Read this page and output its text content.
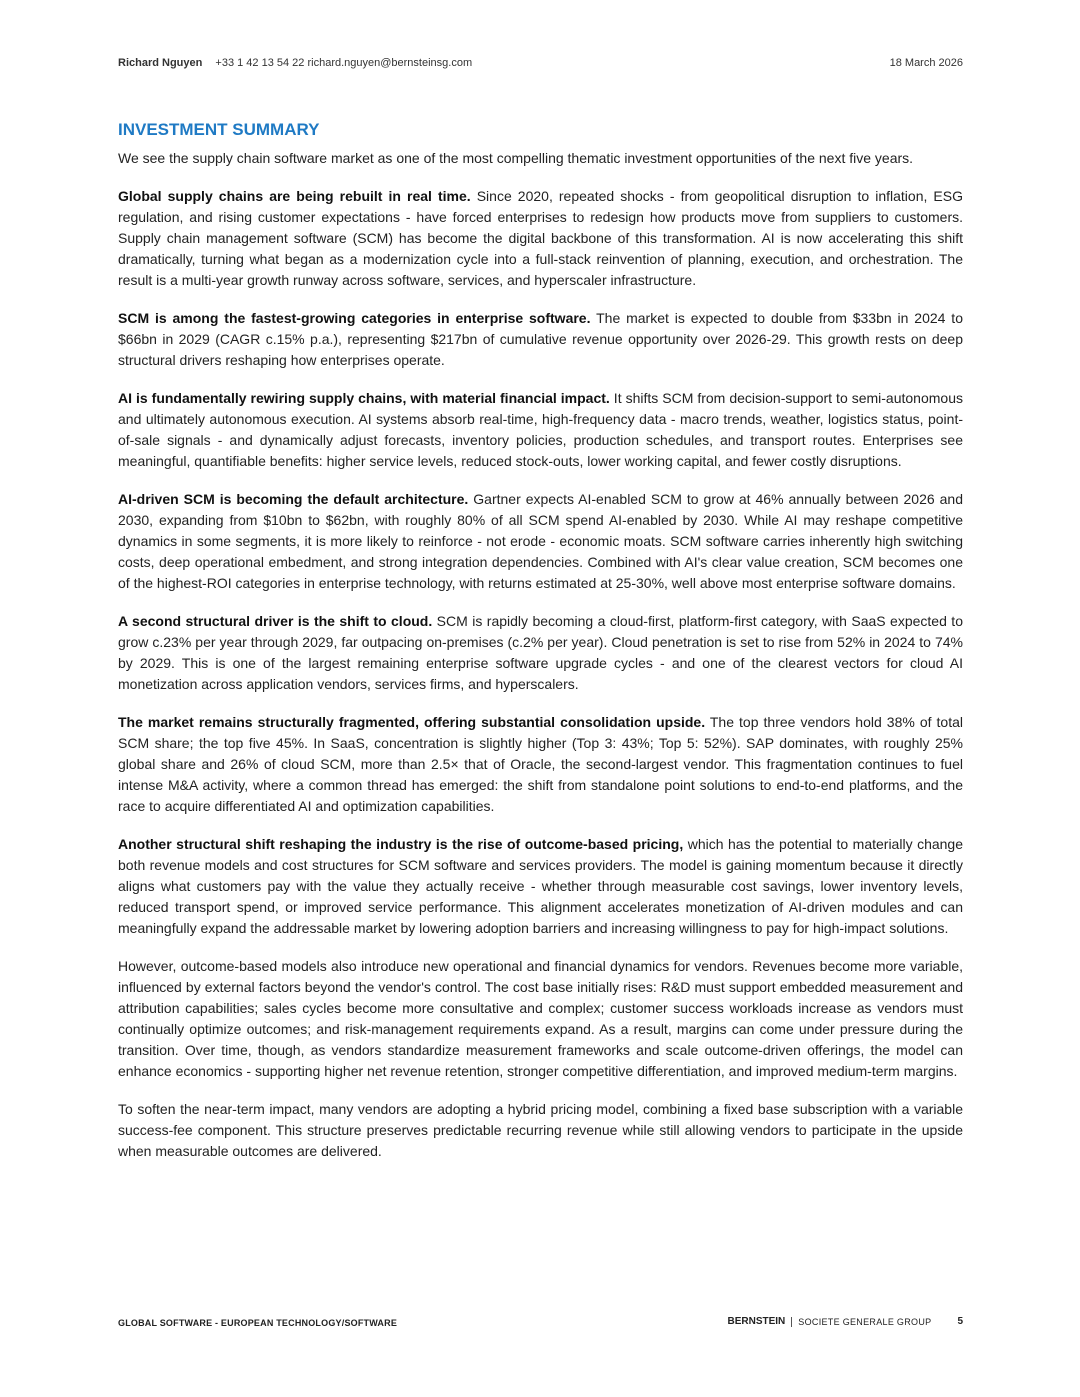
Richard Nguyen +33 1 42 13 54 22 richard.nguyen@bernsteinsg.com	18 March 2026
INVESTMENT SUMMARY

We see the supply chain software market as one of the most compelling thematic investment opportunities of the next five years.

Global supply chains are being rebuilt in real time. Since 2020, repeated shocks - from geopolitical disruption to inflation, ESG regulation, and rising customer expectations - have forced enterprises to redesign how products move from suppliers to customers. Supply chain management software (SCM) has become the digital backbone of this transformation. AI is now accelerating this shift dramatically, turning what began as a modernization cycle into a full-stack reinvention of planning, execution, and orchestration. The result is a multi-year growth runway across software, services, and hyperscaler infrastructure.

SCM is among the fastest-growing categories in enterprise software. The market is expected to double from $33bn in 2024 to $66bn in 2029 (CAGR c.15% p.a.), representing $217bn of cumulative revenue opportunity over 2026-29. This growth rests on deep structural drivers reshaping how enterprises operate.

AI is fundamentally rewiring supply chains, with material financial impact. It shifts SCM from decision-support to semi-autonomous and ultimately autonomous execution. AI systems absorb real-time, high-frequency data - macro trends, weather, logistics status, point-of-sale signals - and dynamically adjust forecasts, inventory policies, production schedules, and transport routes. Enterprises see meaningful, quantifiable benefits: higher service levels, reduced stock-outs, lower working capital, and fewer costly disruptions.

AI-driven SCM is becoming the default architecture. Gartner expects AI-enabled SCM to grow at 46% annually between 2026 and 2030, expanding from $10bn to $62bn, with roughly 80% of all SCM spend AI-enabled by 2030. While AI may reshape competitive dynamics in some segments, it is more likely to reinforce - not erode - economic moats. SCM software carries inherently high switching costs, deep operational embedment, and strong integration dependencies. Combined with AI's clear value creation, SCM becomes one of the highest-ROI categories in enterprise technology, with returns estimated at 25-30%, well above most enterprise software domains.

A second structural driver is the shift to cloud. SCM is rapidly becoming a cloud-first, platform-first category, with SaaS expected to grow c.23% per year through 2029, far outpacing on-premises (c.2% per year). Cloud penetration is set to rise from 52% in 2024 to 74% by 2029. This is one of the largest remaining enterprise software upgrade cycles - and one of the clearest vectors for cloud AI monetization across application vendors, services firms, and hyperscalers.

The market remains structurally fragmented, offering substantial consolidation upside. The top three vendors hold 38% of total SCM share; the top five 45%. In SaaS, concentration is slightly higher (Top 3: 43%; Top 5: 52%). SAP dominates, with roughly 25% global share and 26% of cloud SCM, more than 2.5× that of Oracle, the second-largest vendor. This fragmentation continues to fuel intense M&A activity, where a common thread has emerged: the shift from standalone point solutions to end-to-end platforms, and the race to acquire differentiated AI and optimization capabilities.

Another structural shift reshaping the industry is the rise of outcome-based pricing, which has the potential to materially change both revenue models and cost structures for SCM software and services providers. The model is gaining momentum because it directly aligns what customers pay with the value they actually receive - whether through measurable cost savings, lower inventory levels, reduced transport spend, or improved service performance. This alignment accelerates monetization of AI-driven modules and can meaningfully expand the addressable market by lowering adoption barriers and increasing willingness to pay for high-impact solutions.

However, outcome-based models also introduce new operational and financial dynamics for vendors. Revenues become more variable, influenced by external factors beyond the vendor's control. The cost base initially rises: R&D must support embedded measurement and attribution capabilities; sales cycles become more consultative and complex; customer success workloads increase as vendors must continually optimize outcomes; and risk-management requirements expand. As a result, margins can come under pressure during the transition. Over time, though, as vendors standardize measurement frameworks and scale outcome-driven offerings, the model can enhance economics - supporting higher net revenue retention, stronger competitive differentiation, and improved medium-term margins.

To soften the near-term impact, many vendors are adopting a hybrid pricing model, combining a fixed base subscription with a variable success-fee component. This structure preserves predictable recurring revenue while still allowing vendors to participate in the upside when measurable outcomes are delivered.

GLOBAL SOFTWARE - EUROPEAN TECHNOLOGY/SOFTWARE	BERNSTEIN SOCIETE GENERALE GROUP	5
